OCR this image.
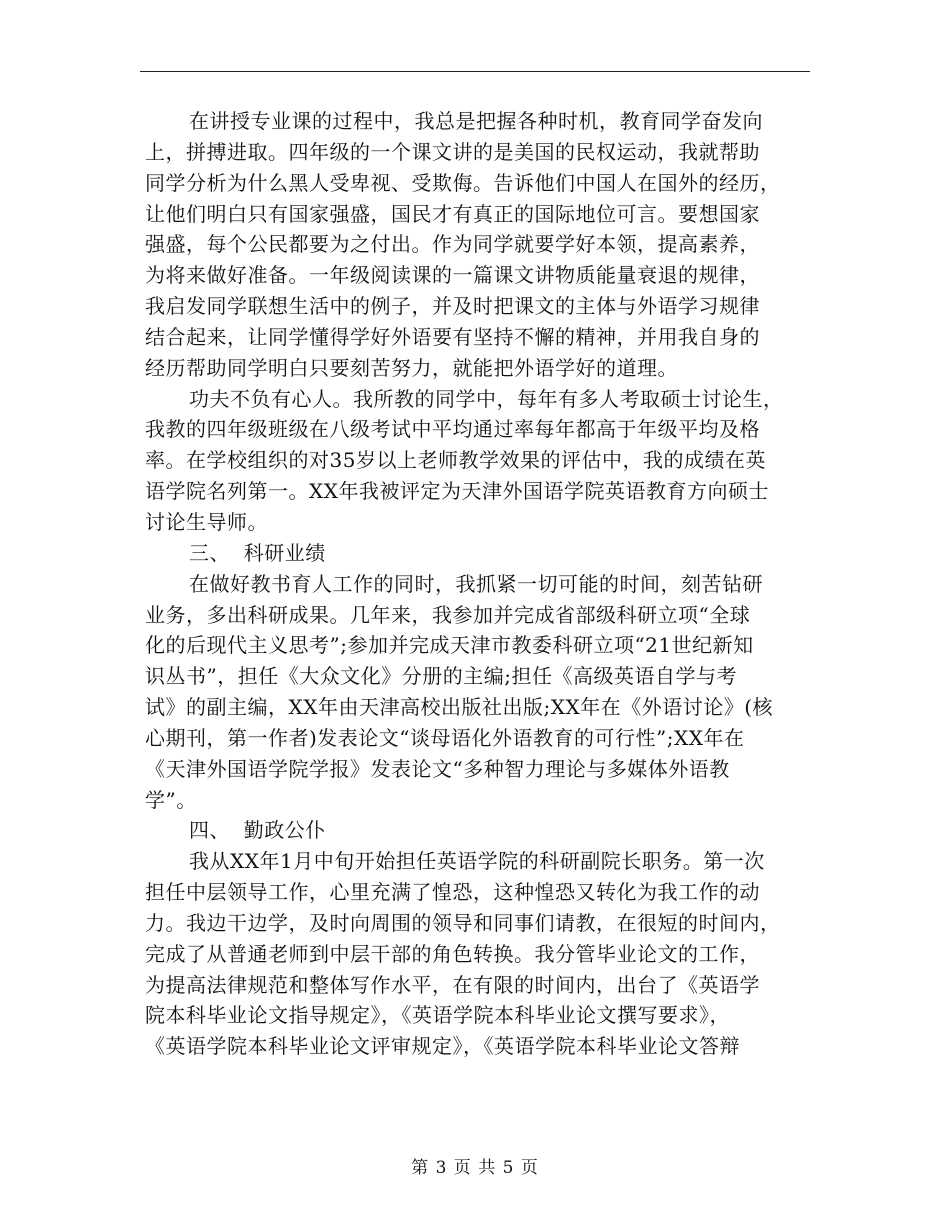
在讲授专业课的过程中，我总是把握各种时机，教育同学奋发向
上，拼搏进取。四年级的一个课文讲的是美国的民权运动，我就帮助
同学分析为什么黑人受卑视、受欺侮。告诉他们中国人在国外的经历，
让他们明白只有国家强盛，国民才有真正的国际地位可言。要想国家
强盛，每个公民都要为之付出。作为同学就要学好本领，提高素养，
为将来做好准备。一年级阅读课的一篇课文讲物质能量衰退的规律，
我启发同学联想生活中的例子，并及时把课文的主体与外语学习规律
结合起来，让同学懂得学好外语要有坚持不懈的精神，并用我自身的
经历帮助同学明白只要刻苦努力，就能把外语学好的道理。
功夫不负有心人。我所教的同学中，每年有多人考取硕士讨论生，
我教的四年级班级在八级考试中平均通过率每年都高于年级平均及格
率。在学校组织的对35岁以上老师教学效果的评估中，我的成绩在英
语学院名列第一。XX年我被评定为天津外国语学院英语教育方向硕士
讨论生导师。
三、  科研业绩
在做好教书育人工作的同时，我抓紧一切可能的时间，刻苦钻研
业务，多出科研成果。几年来，我参加并完成省部级科研立项“全球
化的后现代主义思考”;参加并完成天津市教委科研立项“21世纪新知
识丛书”，担任《大众文化》分册的主编;担任《高级英语自学与考
试》的副主编，XX年由天津高校出版社出版;XX年在《外语讨论》(核
心期刊，第一作者)发表论文“谈母语化外语教育的可行性”;XX年在
《天津外国语学院学报》发表论文“多种智力理论与多媒体外语教
学”。
四、  勤政公仆
我从XX年1月中旬开始担任英语学院的科研副院长职务。第一次
担任中层领导工作，心里充满了惶恐，这种惶恐又转化为我工作的动
力。我边干边学，及时向周围的领导和同事们请教，在很短的时间内，
完成了从普通老师到中层干部的角色转换。我分管毕业论文的工作，
为提高法律规范和整体写作水平，在有限的时间内，出台了《英语学
院本科毕业论文指导规定》，《英语学院本科毕业论文撰写要求》，
《英语学院本科毕业论文评审规定》，《英语学院本科毕业论文答辩
第 3 页 共 5 页
